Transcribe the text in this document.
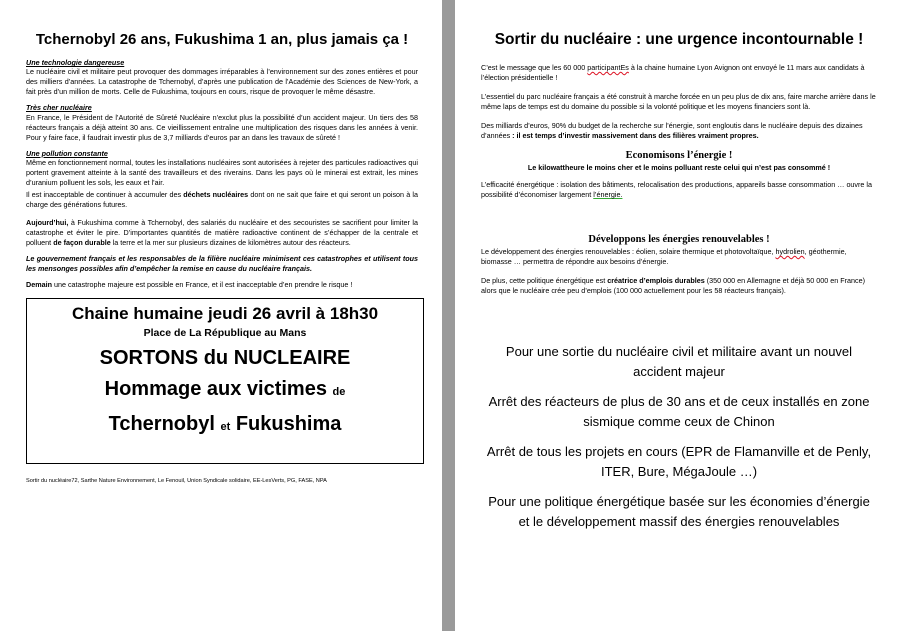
Tchernobyl 26 ans, Fukushima 1 an, plus jamais ça !
Une technologie dangereuse

Le nucléaire civil et militaire peut provoquer des dommages irréparables à l’environnement sur des zones entières et pour des milliers d’années. La catastrophe de Tchernobyl, d’après une publication de l’Académie des Sciences de New-York, a fait près d’un million de morts. Celle de Fukushima, toujours en cours, risque de provoquer le même désastre.

Très cher nucléaire

En France, le Président de l’Autorité de Sûreté Nucléaire n’exclut plus la possibilité d’un accident majeur. Un tiers des 58 réacteurs français a déjà atteint 30 ans. Ce vieillissement entraîne une multiplication des risques dans les années à venir. Pour y faire face, il faudrait investir plus de 3,7 milliards d’euros par an dans les travaux de sûreté !

Une pollution constante

Même en fonctionnement normal, toutes les installations nucléaires sont autorisées à rejeter des particules radioactives qui portent gravement atteinte à la santé des travailleurs et des riverains. Dans les pays où le minerai est extrait, les mines d’uranium polluent les sols, les eaux et l’air.

Il est inacceptable de continuer à accumuler des déchets nucléaires dont on ne sait que faire et qui seront un poison à la charge des générations futures.

Aujourd’hui, à Fukushima comme à Tchernobyl, des salariés du nucléaire et des secouristes se sacrifient pour limiter la catastrophe et éviter le pire. D’importantes quantités de matière radioactive continent de s’échapper de la centrale et polluent de façon durable la terre et la mer sur plusieurs dizaines de kilomètres autour des réacteurs.

Le gouvernement français et les responsables de la filière nucléaire minimisent ces catastrophes et utilisent tous les mensonges possibles afin d’empêcher la remise en cause du nucléaire français.

Demain une catastrophe majeure est possible en France, et il est inacceptable d’en prendre le risque !

Chaine humaine jeudi 26 avril à 18h30
Place de La République au Mans
SORTONS du NUCLEAIRE
Hommage aux victimes de
Tchernobyl et Fukushima
Sortir du nucléaire72, Sarthe Nature Environnement, Le Fenouil, Union Syndicale solidaire, EE-LesVerts, PG, FASE, NPA
Sortir du nucléaire : une urgence incontournable !

C’est le message que les 60 000 participantEs à la chaine humaine Lyon Avignon ont envoyé le 11 mars aux candidats à l’élection présidentielle !

L’essentiel du parc nucléaire français a été construit à marche forcée en un peu plus de dix ans, faire marche arrière dans le même laps de temps est du domaine du possible si la volonté politique et les moyens financiers sont là.

Des milliards d’euros, 90% du budget de la recherche sur l’énergie, sont engloutis dans le nucléaire depuis des dizaines d’années : il est temps d’investir massivement dans des filières vraiment propres.

Economisons l’énergie !
Le kilowattheure le moins cher et le moins polluant reste celui qui n’est pas consommé !

L’efficacité énergétique : isolation des bâtiments, relocalisation des productions, appareils basse consommation … ouvre la possibilité d’économiser largement l’énergie.

Développons les énergies renouvelables !

Le développement des énergies renouvelables : éolien, solaire thermique et photovoltaïque, hydrolien, géothermie, biomasse … permettra de répondre aux besoins d’énergie.

De plus, cette politique énergétique est créatrice d’emplois durables (350 000 en Allemagne et déjà 50 000 en France) alors que le nucléaire crée peu d’emplois (100 000 actuellement pour les 58 réacteurs français).

Pour une sortie du nucléaire civil et militaire avant un nouvel accident majeur

Arrêt des réacteurs de plus de 30 ans et de ceux installés en zone sismique comme ceux de Chinon

Arrêt de tous les projets en cours (EPR de Flamanville et de Penly, ITER, Bure, MégaJoule …)

Pour une politique énergétique basée sur les économies d’énergie et le développement massif des énergies renouvelables
